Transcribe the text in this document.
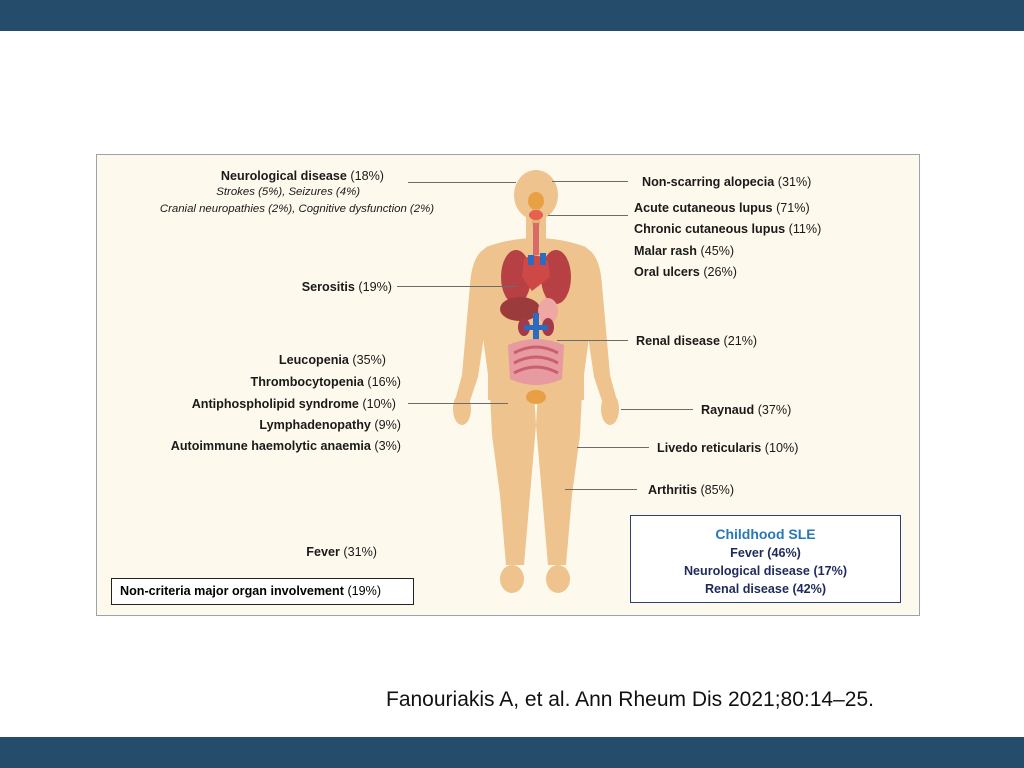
Neurological disease (18%)
Strokes (5%), Seizures (4%)
Cranial neuropathies (2%), Cognitive dysfunction (2%)
Serositis (19%)
Leucopenia (35%)
Thrombocytopenia (16%)
Antiphospholipid syndrome (10%)
Lymphadenopathy (9%)
Autoimmune haemolytic anaemia (3%)
Fever (31%)
Non-scarring alopecia (31%)
Acute cutaneous lupus (71%)
Chronic cutaneous lupus (11%)
Malar rash (45%)
Oral ulcers (26%)
Renal disease (21%)
Raynaud (37%)
Livedo reticularis (10%)
Arthritis (85%)
Non-criteria major organ involvement (19%)
Childhood SLE
Fever (46%)
Neurological disease (17%)
Renal disease (42%)
Fanouriakis A, et al. Ann Rheum Dis 2021;80:14–25.
